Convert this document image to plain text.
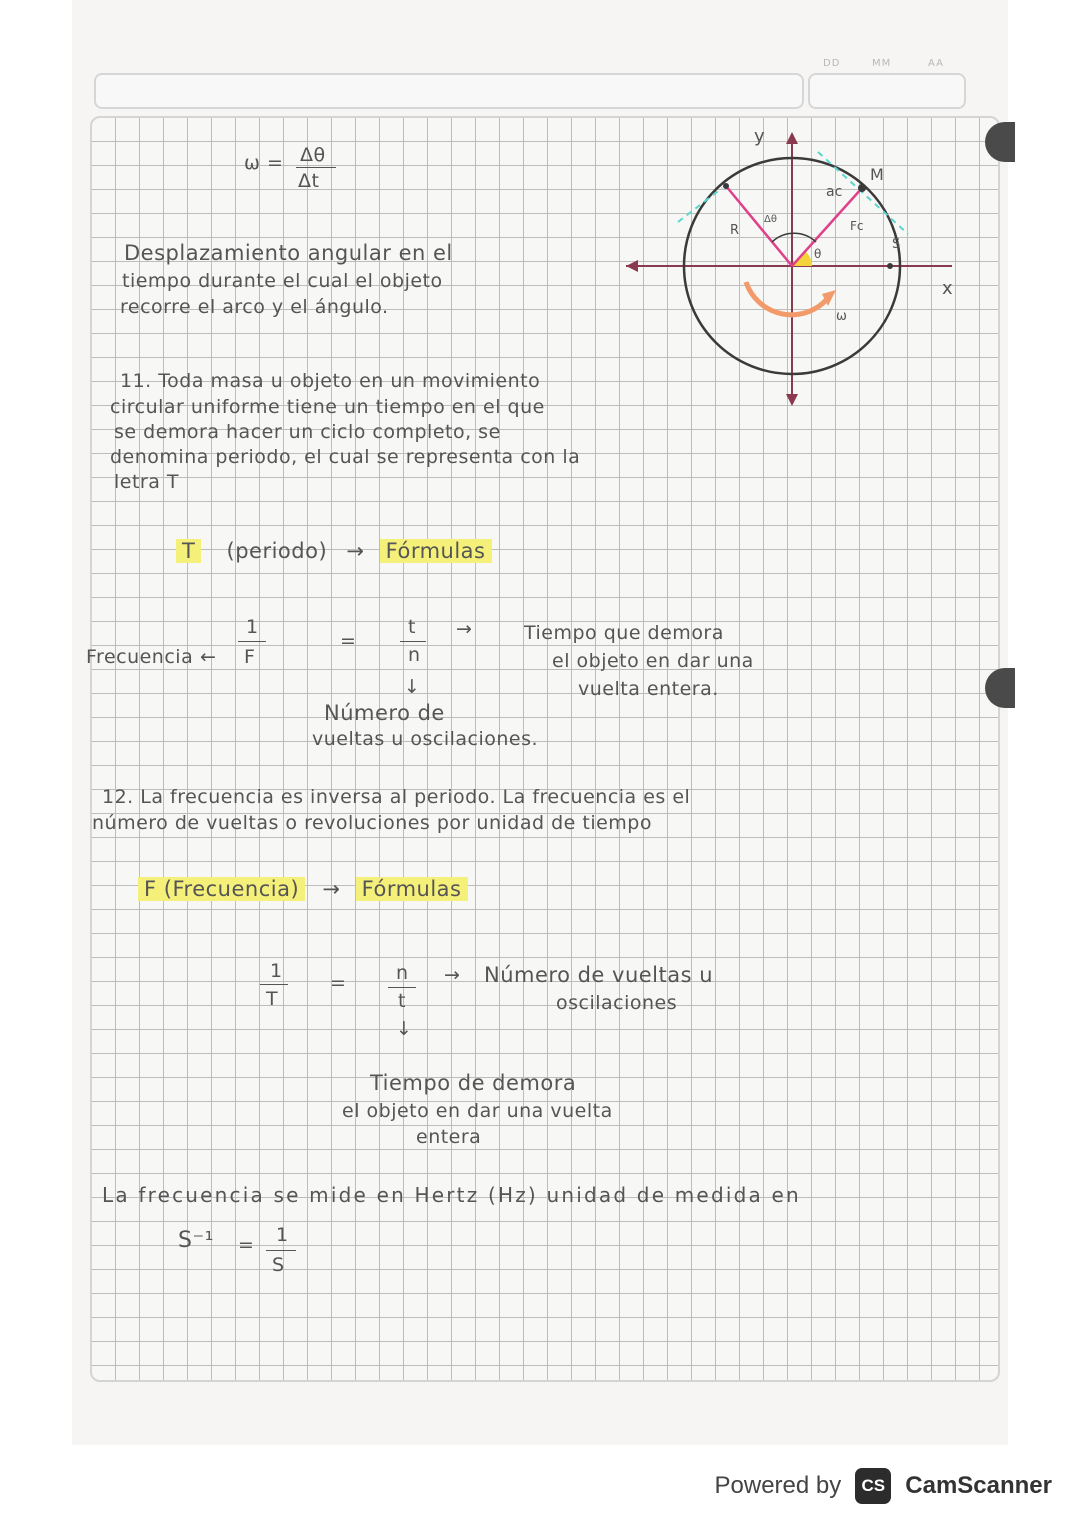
DD	MM	AA
ω = Δθ
Δt
Desplazamiento angular en el
tiempo durante el cual el objeto
recorre el arco y el ángulo.
y
x
M
ac
Fc
R
Δθ
θ
S
ω
11. Toda masa u objeto en un movimiento
circular uniforme tiene un tiempo en el que
se demora hacer un ciclo completo, se
denomina periodo, el cual se representa con la
letra T
T (periodo) → Fórmulas
Frecuencia ←
1
F
=
t
n
→	Tiempo que demora
el objeto en dar una
vuelta entera.
↓
Número de
vueltas u oscilaciones.
12. La frecuencia es inversa al periodo. La frecuencia es el
número de vueltas o revoluciones por unidad de tiempo
F (Frecuencia) → Fórmulas
1
T
=	n
t
→ Número de vueltas u
oscilaciones
↓
Tiempo de demora
el objeto en dar una vuelta
entera
La frecuencia se mide en Hertz (Hz) unidad de medida en
S⁻¹ = 1
S
Powered by	CS CamScanner
